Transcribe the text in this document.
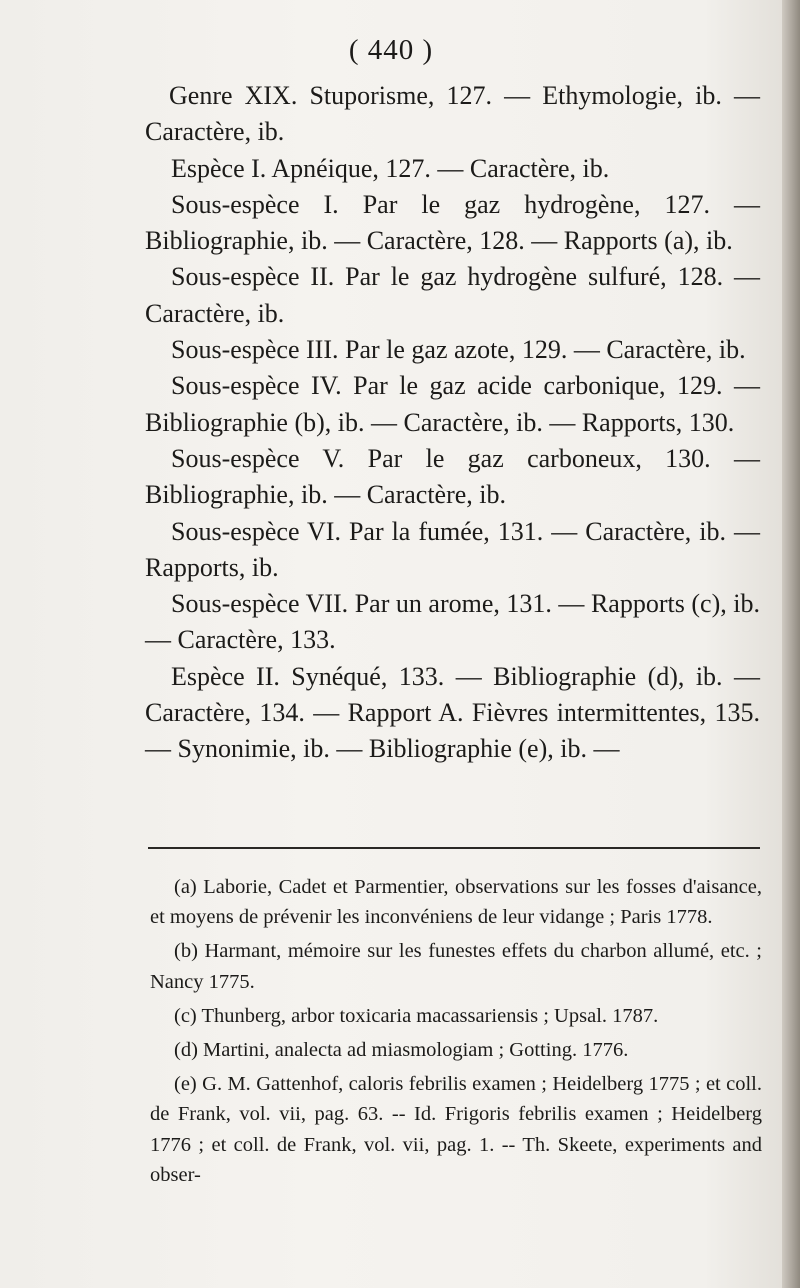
( 440 )

Genre XIX. Stuporisme, 127. — Ethymologie, ib. — Caractère, ib.

Espèce I. Apnéique, 127. — Caractère, ib.

Sous-espèce I. Par le gaz hydrogène, 127. — Bibliographie, ib. — Caractère, 128. — Rapports (a), ib.

Sous-espèce II. Par le gaz hydrogène sulfuré, 128. — Caractère, ib.

Sous-espèce III. Par le gaz azote, 129. — Caractère, ib.

Sous-espèce IV. Par le gaz acide carbonique, 129. — Bibliographie (b), ib. — Caractère, ib. — Rapports, 130.

Sous-espèce V. Par le gaz carboneux, 130. — Bibliographie, ib. — Caractère, ib.

Sous-espèce VI. Par la fumée, 131. — Caractère, ib. — Rapports, ib.

Sous-espèce VII. Par un arome, 131. — Rapports (c), ib. — Caractère, 133.

Espèce II. Synéqué, 133. — Bibliographie (d), ib. — Caractère, 134. — Rapport A. Fièvres intermittentes, 135. — Synonimie, ib. — Bibliographie (e), ib. —

(a) Laborie, Cadet et Parmentier, observations sur les fosses d'aisance, et moyens de prévenir les inconvéniens de leur vidange ; Paris 1778.

(b) Harmant, mémoire sur les funestes effets du charbon allumé, etc. ; Nancy 1775.

(c) Thunberg, arbor toxicaria macassariensis ; Upsal. 1787.

(d) Martini, analecta ad miasmologiam ; Gotting. 1776.

(e) G. M. Gattenhof, caloris febrilis examen ; Heidelberg 1775 ; et coll. de Frank, vol. vii, pag. 63. -- Id. Frigoris febrilis examen ; Heidelberg 1776 ; et coll. de Frank, vol. vii, pag. 1. -- Th. Skeete, experiments and obser-
